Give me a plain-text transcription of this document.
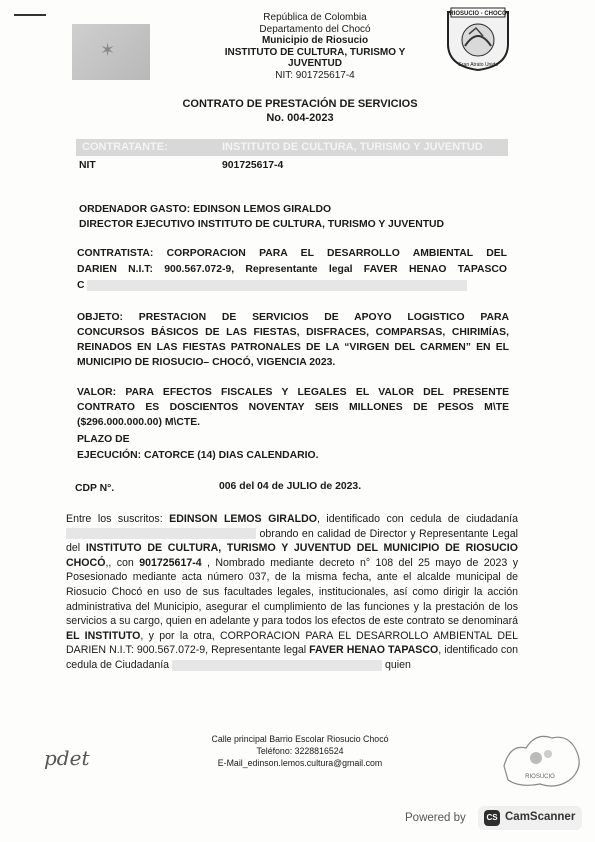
✶
RIOSUCIO - CHOCO
Gran Atrato Unido
República de Colombia
Departamento del Chocó
Municipio de Riosucio
INSTITUTO DE CULTURA, TURISMO Y
JUVENTUD
NIT: 901725617-4
CONTRATO DE PRESTACIÓN DE SERVICIOS
No. 004-2023
CONTRATANTE:	INSTITUTO DE CULTURA, TURISMO Y JUVENTUD
NIT	901725617-4
ORDENADOR GASTO: EDINSON LEMOS GIRALDO
DIRECTOR EJECUTIVO INSTITUTO DE CULTURA, TURISMO Y JUVENTUD
CONTRATISTA: CORPORACION PARA EL DESARROLLO AMBIENTAL DEL
DARIEN N.I.T: 900.567.072-9, Representante legal FAVER HENAO TAPASCO
C
OBJETO: PRESTACION DE SERVICIOS DE APOYO LOGISTICO PARA
CONCURSOS BÁSICOS DE LAS FIESTAS, DISFRACES, COMPARSAS, CHIRIMÍAS,
REINADOS EN LAS FIESTAS PATRONALES DE LA “VIRGEN DEL CARMEN” EN EL
MUNICIPIO DE RIOSUCIO– CHOCÓ, VIGENCIA 2023.
VALOR: PARA EFECTOS FISCALES Y LEGALES EL VALOR DEL PRESENTE
CONTRATO ES DOSCIENTOS NOVENTAY SEIS MILLONES DE PESOS M\TE
($296.000.000.00) M\CTE.
PLAZO DE
EJECUCIÓN: CATORCE (14) DIAS CALENDARIO.
CDP N°.	006 del 04 de JULIO de 2023.
Entre los suscritos: EDINSON LEMOS GIRALDO, identificado con cedula de ciudadanía  obrando en calidad de Director y Representante Legal del INSTITUTO DE CULTURA, TURISMO Y JUVENTUD DEL MUNICIPIO DE RIOSUCIO CHOCÓ,, con 901725617-4 , Nombrado mediante decreto n° 108 del 25 mayo de 2023 y Posesionado mediante acta número 037, de la misma fecha, ante el alcalde municipal de Riosucio Chocó en uso de sus facultades legales, institucionales, así como dirigir la acción administrativa del Municipio, asegurar el cumplimiento de las funciones y la prestación de los servicios a su cargo, quien en adelante y para todos los efectos de este contrato se denominará EL INSTITUTO, y por la otra, CORPORACION PARA EL DESARROLLO AMBIENTAL DEL DARIEN N.I.T: 900.567.072-9, Representante legal FAVER HENAO TAPASCO, identificado con cedula de Ciudadanía	quien
pdet
Calle principal Barrio Escolar Riosucio Chocó
Teléfono: 3228816524
E-Mail_edinson.lemos.cultura@gmail.com
RIOSUCIO
Powered by	CS CamScanner
